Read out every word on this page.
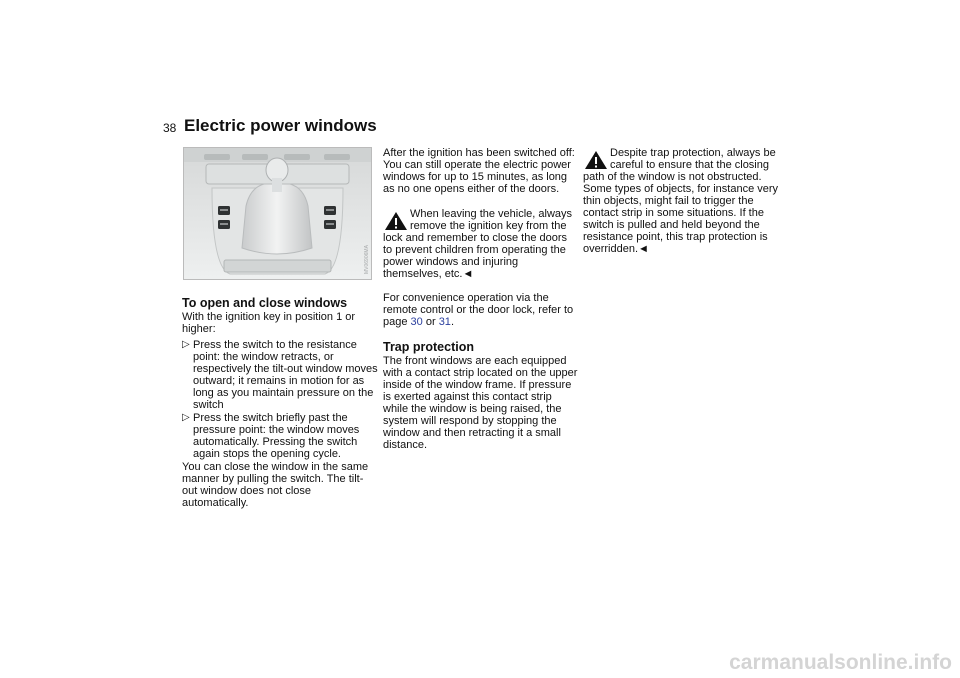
38 Electric power windows
MV06906MA
To open and close windows

With the ignition key in position 1 or higher:

▷ Press the switch to the resistance point: the window retracts, or respectively the tilt-out window moves outward; it remains in motion for as long as you maintain pressure on the switch
▷ Press the switch briefly past the pressure point: the window moves automatically. Pressing the switch again stops the opening cycle.

You can close the window in the same manner by pulling the switch. The tilt-out window does not close automatically.

After the ignition has been switched off: You can still operate the electric power windows for up to 15 minutes, as long as no one opens either of the doors.

When leaving the vehicle, always remove the ignition key from the

lock and remember to close the doors to prevent children from operating the power windows and injuring themselves, etc.◄

For convenience operation via the remote control or the door lock, refer to page 30 or 31.

Trap protection

The front windows are each equipped with a contact strip located on the upper inside of the window frame. If pressure is exerted against this contact strip while the window is being raised, the system will respond by stopping the window and then retracting it a small distance.

Despite trap protection, always be careful to ensure that the closing

path of the window is not obstructed. Some types of objects, for instance very thin objects, might fail to trigger the contact strip in some situations. If the switch is pulled and held beyond the resistance point, this trap protection is overridden.◄

carmanualsonline.info
